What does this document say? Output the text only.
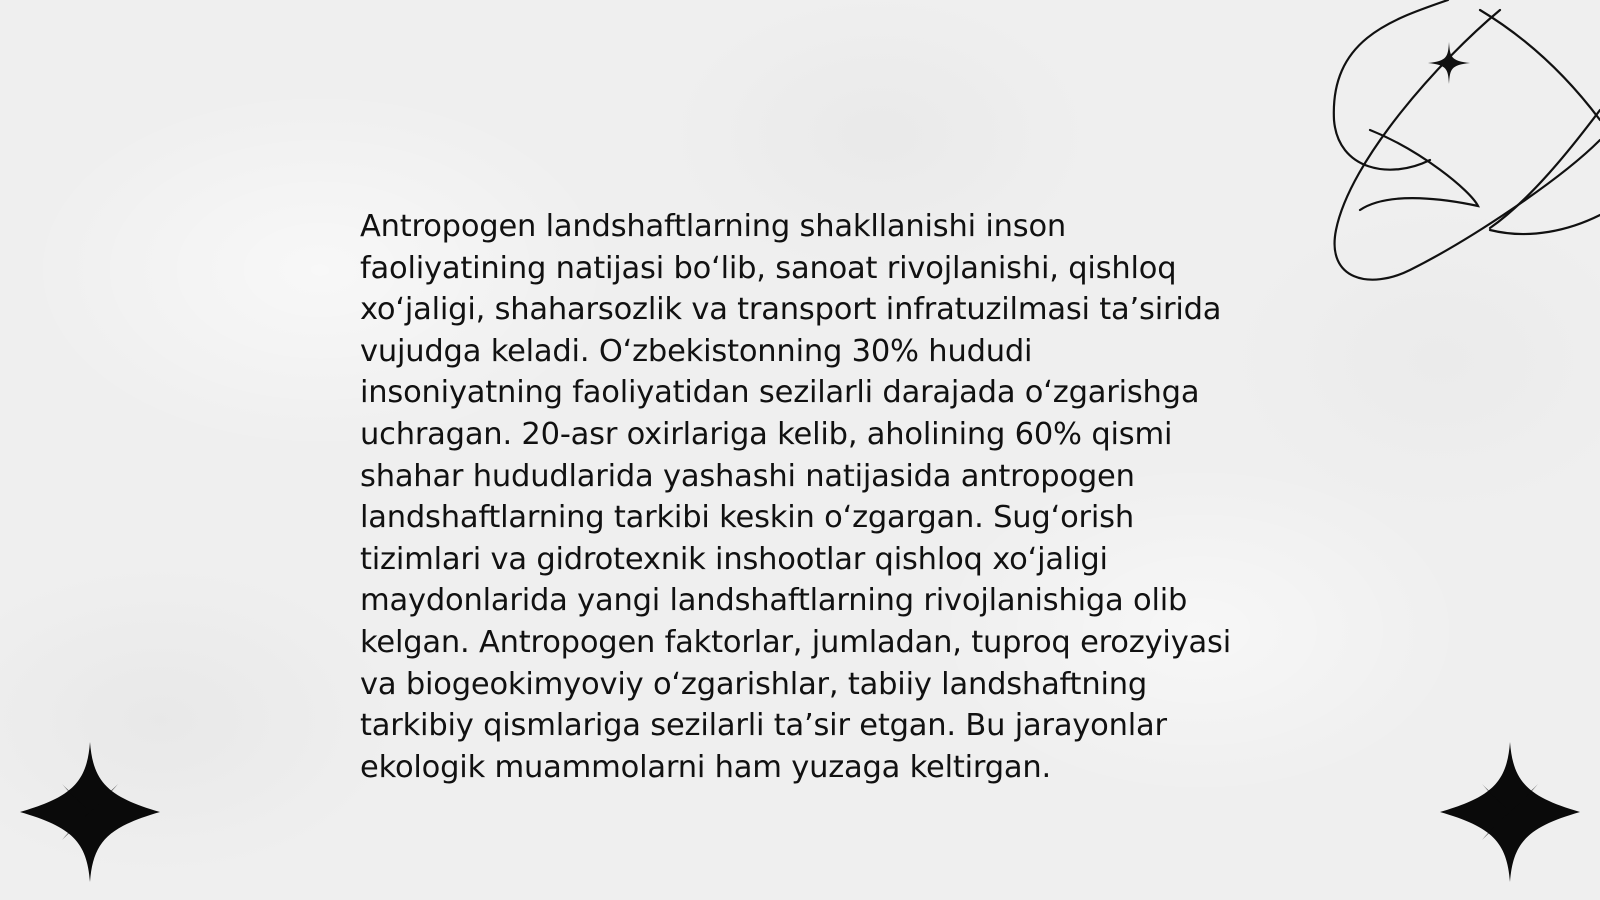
Antropogen landshaftlarning shakllanishi inson faoliyatining natijasi bo‘lib, sanoat rivojlanishi, qishloq xo‘jaligi, shaharsozlik va transport infratuzilmasi ta’sirida vujudga keladi. O‘zbekistonning 30% hududi insoniyatning faoliyatidan sezilarli darajada o‘zgarishga uchragan. 20-asr oxirlariga kelib, aholining 60% qismi shahar hududlarida yashashi natijasida antropogen landshaftlarning tarkibi keskin o‘zgargan. Sug‘orish tizimlari va gidrotexnik inshootlar qishloq xo‘jaligi maydonlarida yangi landshaftlarning rivojlanishiga olib kelgan. Antropogen faktorlar, jumladan, tuproq erozyiyasi va biogeokimyoviy o‘zgarishlar, tabiiy landshaftning tarkibiy qismlariga sezilarli ta’sir etgan. Bu jarayonlar ekologik muammolarni ham yuzaga keltirgan.
